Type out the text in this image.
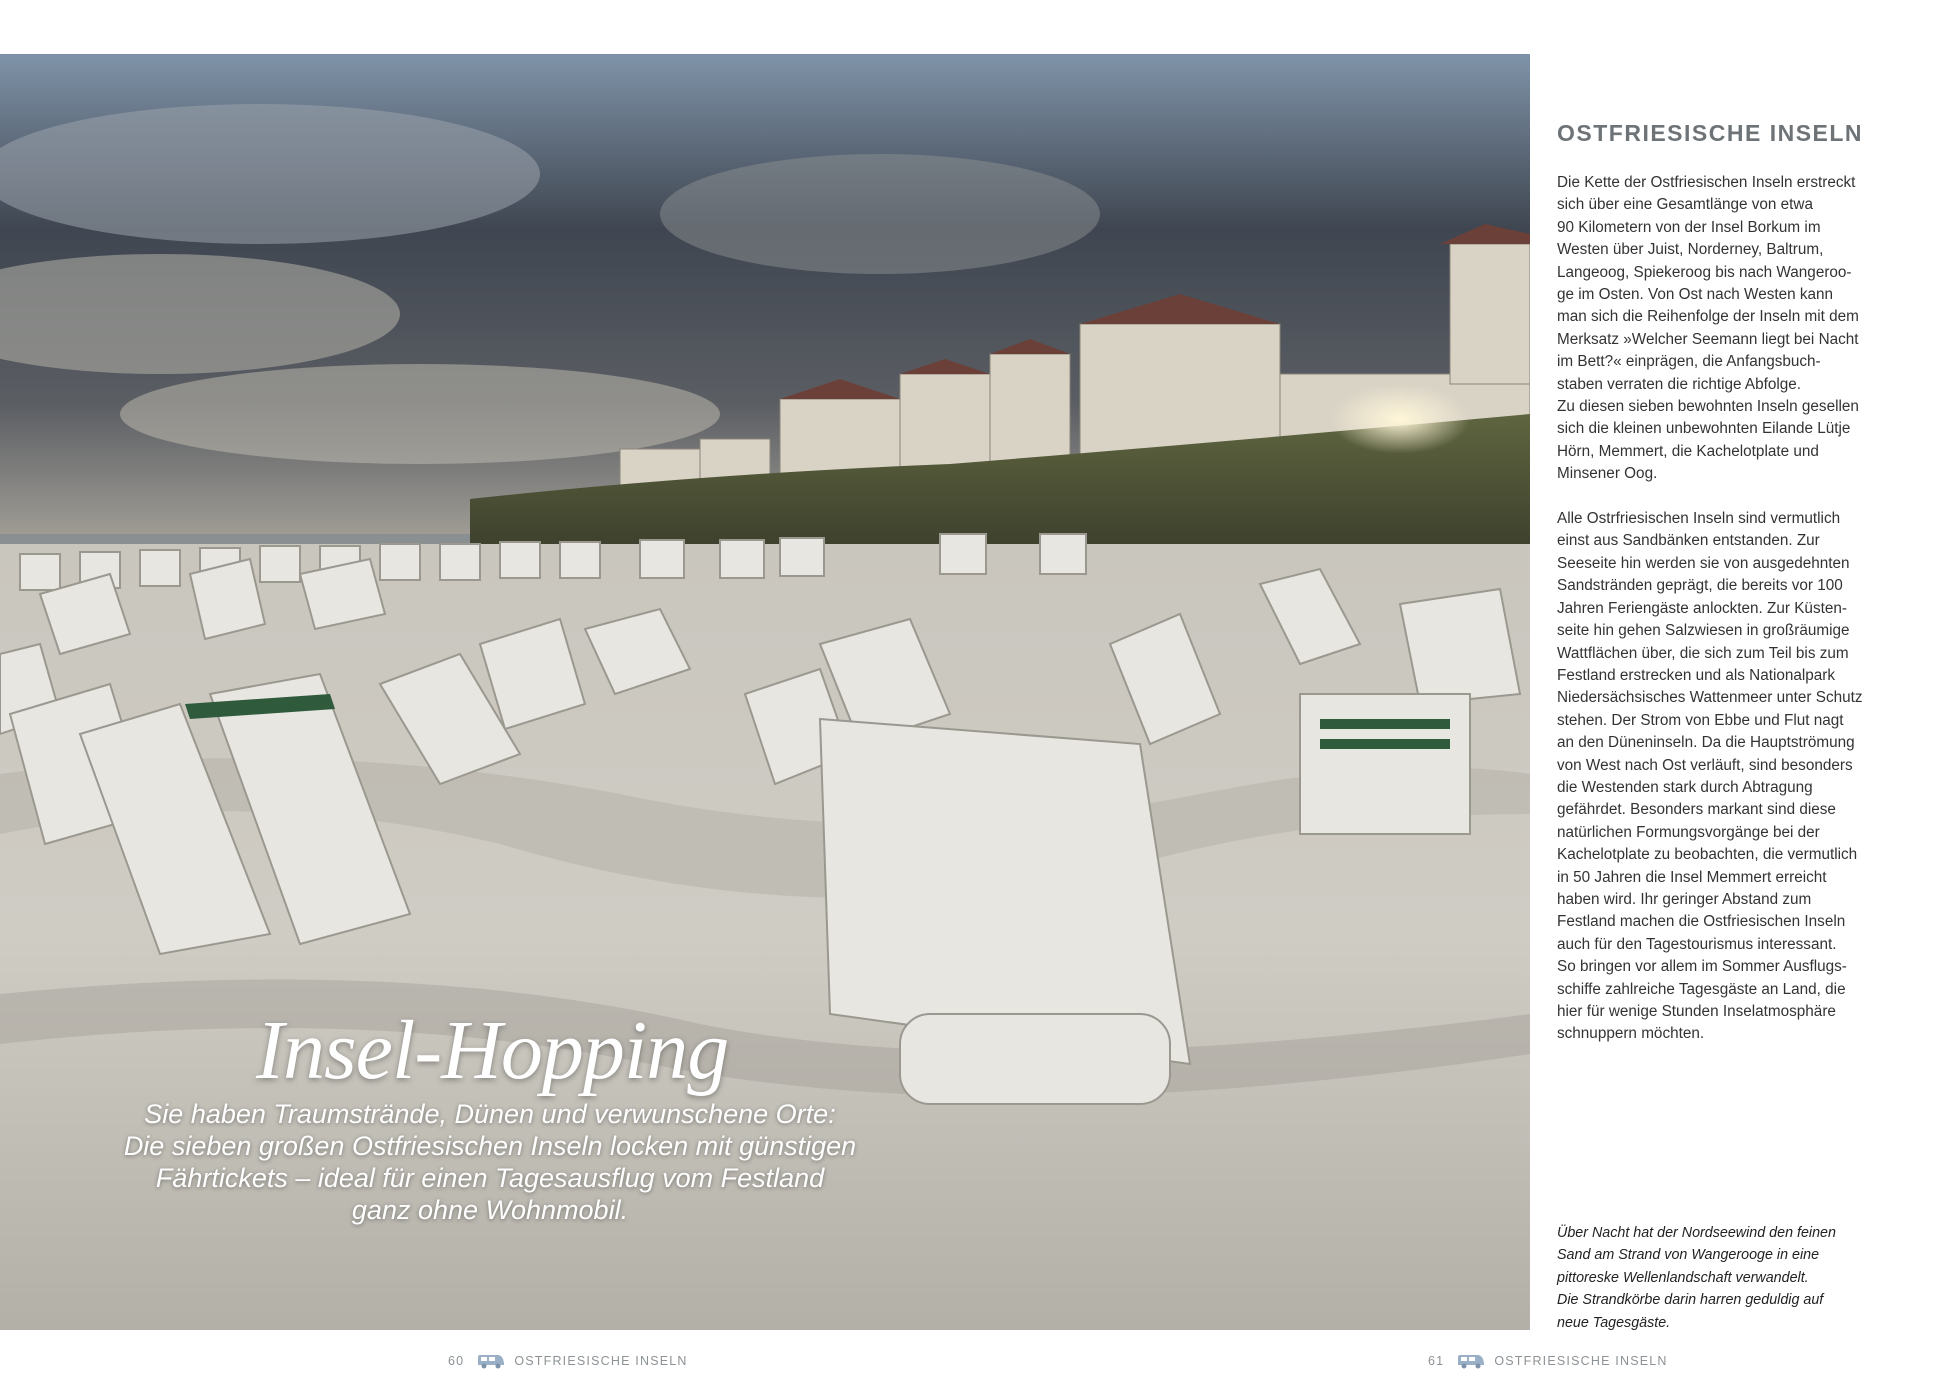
Insel-Hopping
Sie haben Traumstrände, Dünen und verwunschene Orte:
Die sieben großen Ostfriesischen Inseln locken mit günstigen
Fährtickets – ideal für einen Tagesausflug vom Festland
ganz ohne Wohnmobil.
OSTFRIESISCHE INSELN
Die Kette der Ostfriesischen Inseln erstreckt
sich über eine Gesamtlänge von etwa
90 Kilometern von der Insel Borkum im
Westen über Juist, Norderney, Baltrum,
Langeoog, Spiekeroog bis nach Wangeroo-
ge im Osten. Von Ost nach Westen kann
man sich die Reihenfolge der Inseln mit dem
Merksatz »Welcher Seemann liegt bei Nacht
im Bett?« einprägen, die Anfangsbuch-
staben verraten die richtige Abfolge.
Zu diesen sieben bewohnten Inseln gesellen
sich die kleinen unbewohnten Eilande Lütje
Hörn, Memmert, die Kachelotplate und
Minsener Oog.
Alle Ostrfriesischen Inseln sind vermutlich
einst aus Sandbänken entstanden. Zur
Seeseite hin werden sie von ausgedehnten
Sandstränden geprägt, die bereits vor 100
Jahren Feriengäste anlockten. Zur Küsten-
seite hin gehen Salzwiesen in großräumige
Wattflächen über, die sich zum Teil bis zum
Festland erstrecken und als Nationalpark
Niedersächsisches Wattenmeer unter Schutz
stehen. Der Strom von Ebbe und Flut nagt
an den Düneninseln. Da die Hauptströmung
von West nach Ost verläuft, sind besonders
die Westenden stark durch Abtragung
gefährdet. Besonders markant sind diese
natürlichen Formungsvorgänge bei der
Kachelotplate zu beobachten, die vermutlich
in 50 Jahren die Insel Memmert erreicht
haben wird. Ihr geringer Abstand zum
Festland machen die Ostfriesischen Inseln
auch für den Tagestourismus interessant.
So bringen vor allem im Sommer Ausflugs-
schiffe zahlreiche Tagesgäste an Land, die
hier für wenige Stunden Inselatmosphäre
schnuppern möchten.
Über Nacht hat der Nordseewind den feinen
Sand am Strand von Wangerooge in eine
pittoreske Wellenlandschaft verwandelt.
Die Strandkörbe darin harren geduldig auf
neue Tagesgäste.
60	OSTFRIESISCHE INSELN	61	OSTFRIESISCHE INSELN
